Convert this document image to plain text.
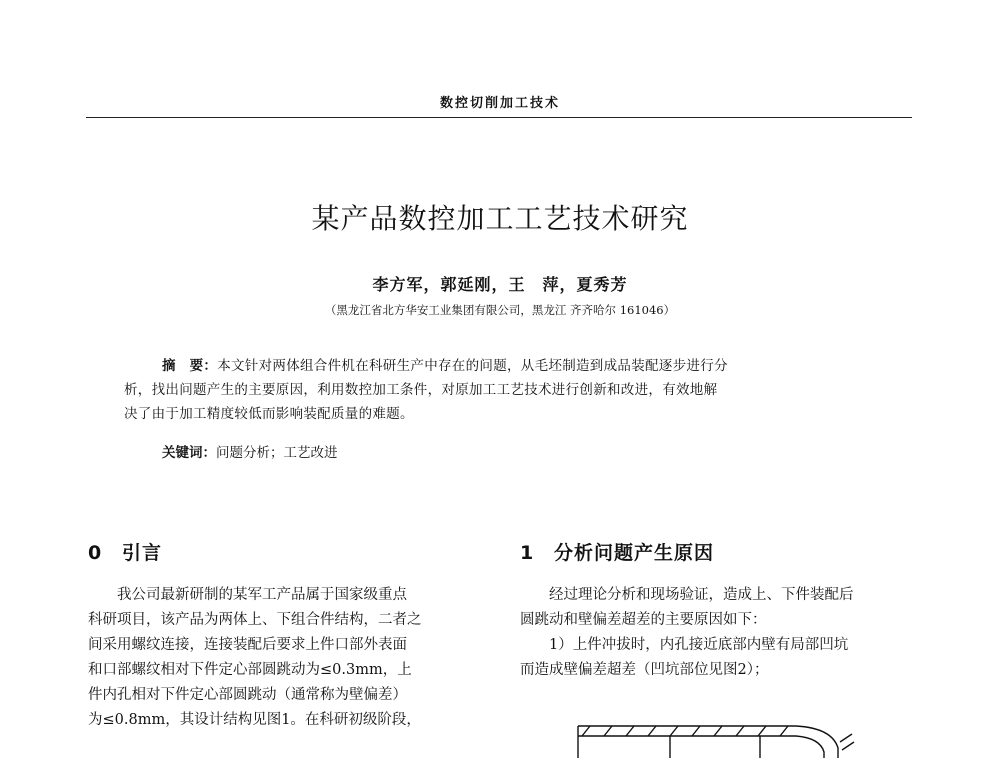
数控切削加工技术
某产品数控加工工艺技术研究
李方军，郭延刚，王　萍，夏秀芳
（黑龙江省北方华安工业集团有限公司，黑龙江 齐齐哈尔 161046）
摘　要：本文针对两体组合件机在科研生产中存在的问题，从毛坯制造到成品装配逐步进行分
析，找出问题产生的主要原因，利用数控加工条件，对原加工工艺技术进行创新和改进，有效地解
决了由于加工精度较低而影响装配质量的难题。
关键词：问题分析；工艺改进
0 引言	1 分析问题产生原因
　　我公司最新研制的某军工产品属于国家级重点
科研项目，该产品为两体上、下组合件结构，二者之
间采用螺纹连接，连接装配后要求上件口部外表面
和口部螺纹相对下件定心部圆跳动为≤0.3mm，上
件内孔相对下件定心部圆跳动（通常称为壁偏差）
为≤0.8mm，其设计结构见图1。在科研初级阶段，
　　经过理论分析和现场验证，造成上、下件装配后
圆跳动和壁偏差超差的主要原因如下：
　　1）上件冲拔时，内孔接近底部内壁有局部凹坑
而造成壁偏差超差（凹坑部位见图2）；
